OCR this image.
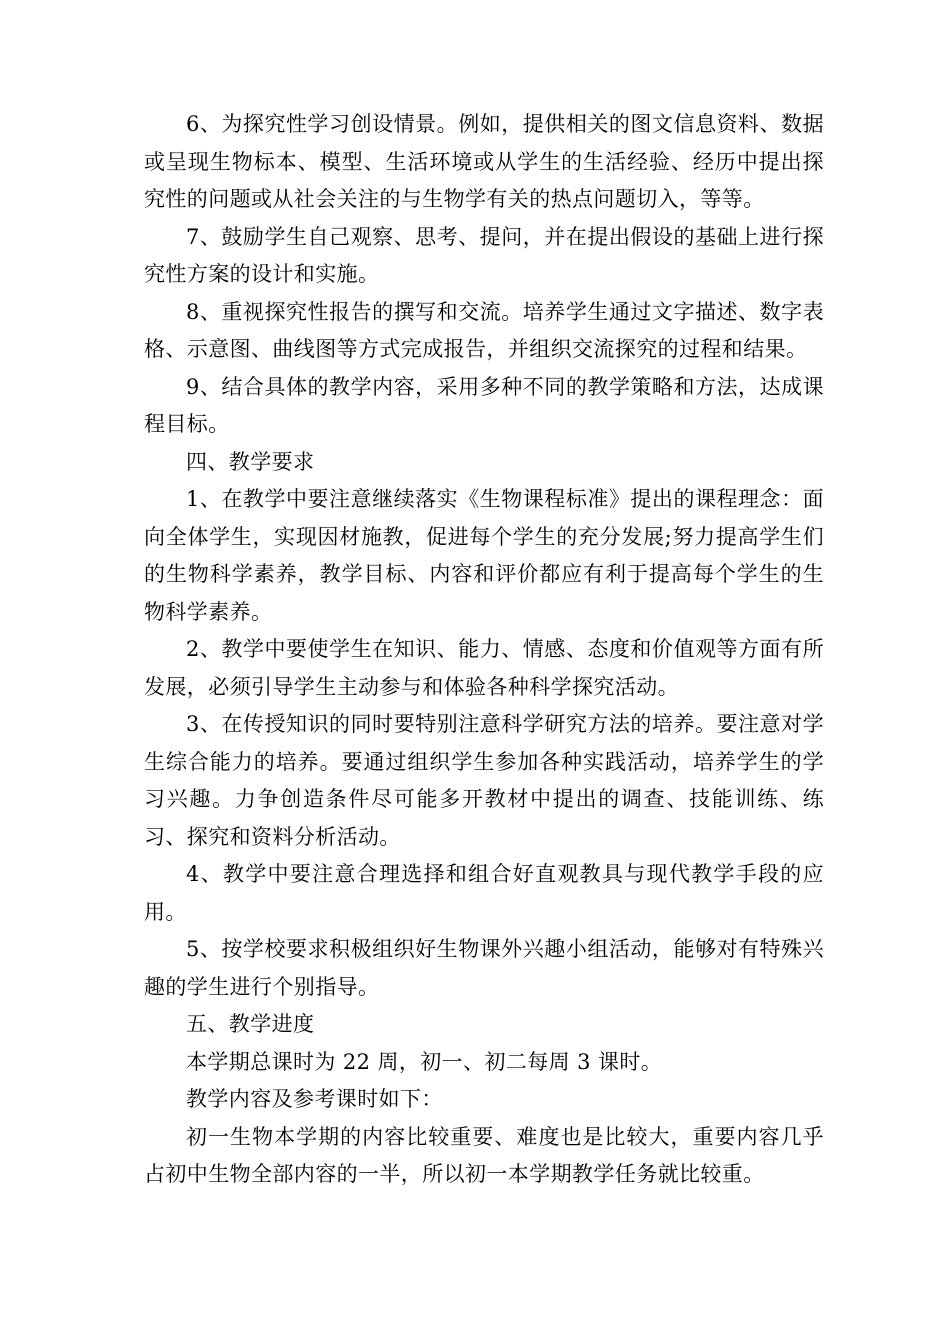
6、为探究性学习创设情景。例如，提供相关的图文信息资料、数据或呈现生物标本、模型、生活环境或从学生的生活经验、经历中提出探究性的问题或从社会关注的与生物学有关的热点问题切入，等等。

7、鼓励学生自己观察、思考、提问，并在提出假设的基础上进行探究性方案的设计和实施。

8、重视探究性报告的撰写和交流。培养学生通过文字描述、数字表格、示意图、曲线图等方式完成报告，并组织交流探究的过程和结果。

9、结合具体的教学内容，采用多种不同的教学策略和方法，达成课程目标。

四、教学要求

1、在教学中要注意继续落实《生物课程标准》提出的课程理念：面向全体学生，实现因材施教，促进每个学生的充分发展;努力提高学生们的生物科学素养，教学目标、内容和评价都应有利于提高每个学生的生物科学素养。

2、教学中要使学生在知识、能力、情感、态度和价值观等方面有所发展，必须引导学生主动参与和体验各种科学探究活动。

3、在传授知识的同时要特别注意科学研究方法的培养。要注意对学生综合能力的培养。要通过组织学生参加各种实践活动，培养学生的学习兴趣。力争创造条件尽可能多开教材中提出的调查、技能训练、练习、探究和资料分析活动。

4、教学中要注意合理选择和组合好直观教具与现代教学手段的应用。

5、按学校要求积极组织好生物课外兴趣小组活动，能够对有特殊兴趣的学生进行个别指导。

五、教学进度

本学期总课时为 22 周，初一、初二每周 3 课时。

教学内容及参考课时如下：

初一生物本学期的内容比较重要、难度也是比较大，重要内容几乎占初中生物全部内容的一半，所以初一本学期教学任务就比较重。
